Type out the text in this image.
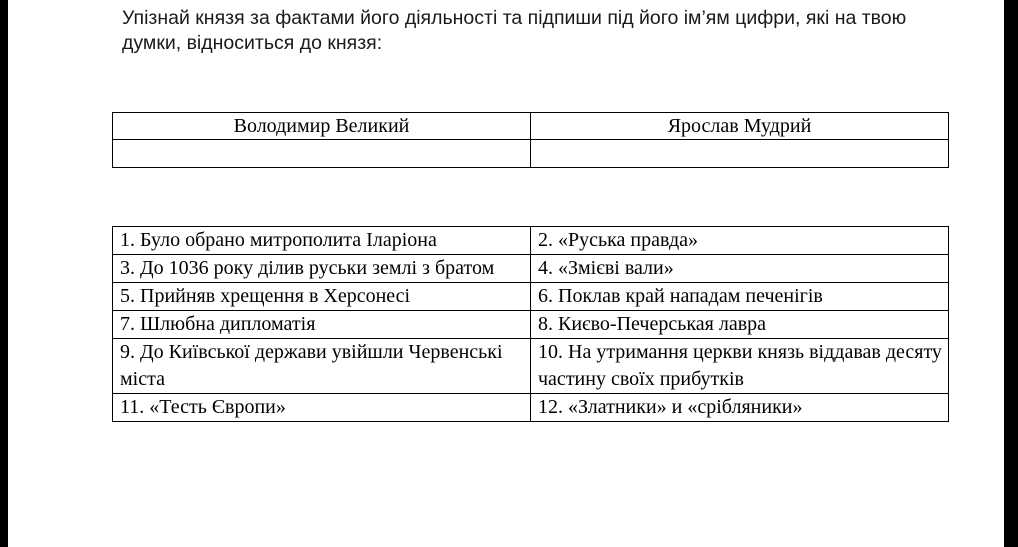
Упізнай князя за фактами його діяльності та підпиши під його ім’ям цифри, які на твою думки, відноситься до князя:

Володимир Великий	Ярослав Мудрий

1. Було обрано митрополита Іларіона	2. «Руська правда»
3. До 1036 року ділив руськи землі з братом	4. «Змієві вали»
5. Прийняв хрещення в Херсонесі	6. Поклав край нападам печенігів
7. Шлюбна дипломатія	8. Києво-Печерськая лавра
9. До Київської держави увійшли Червенські міста	10. На утримання церкви князь віддавав десяту частину своїх прибутків
11. «Тесть Європи»	12. «Златники» и «срібляники»
